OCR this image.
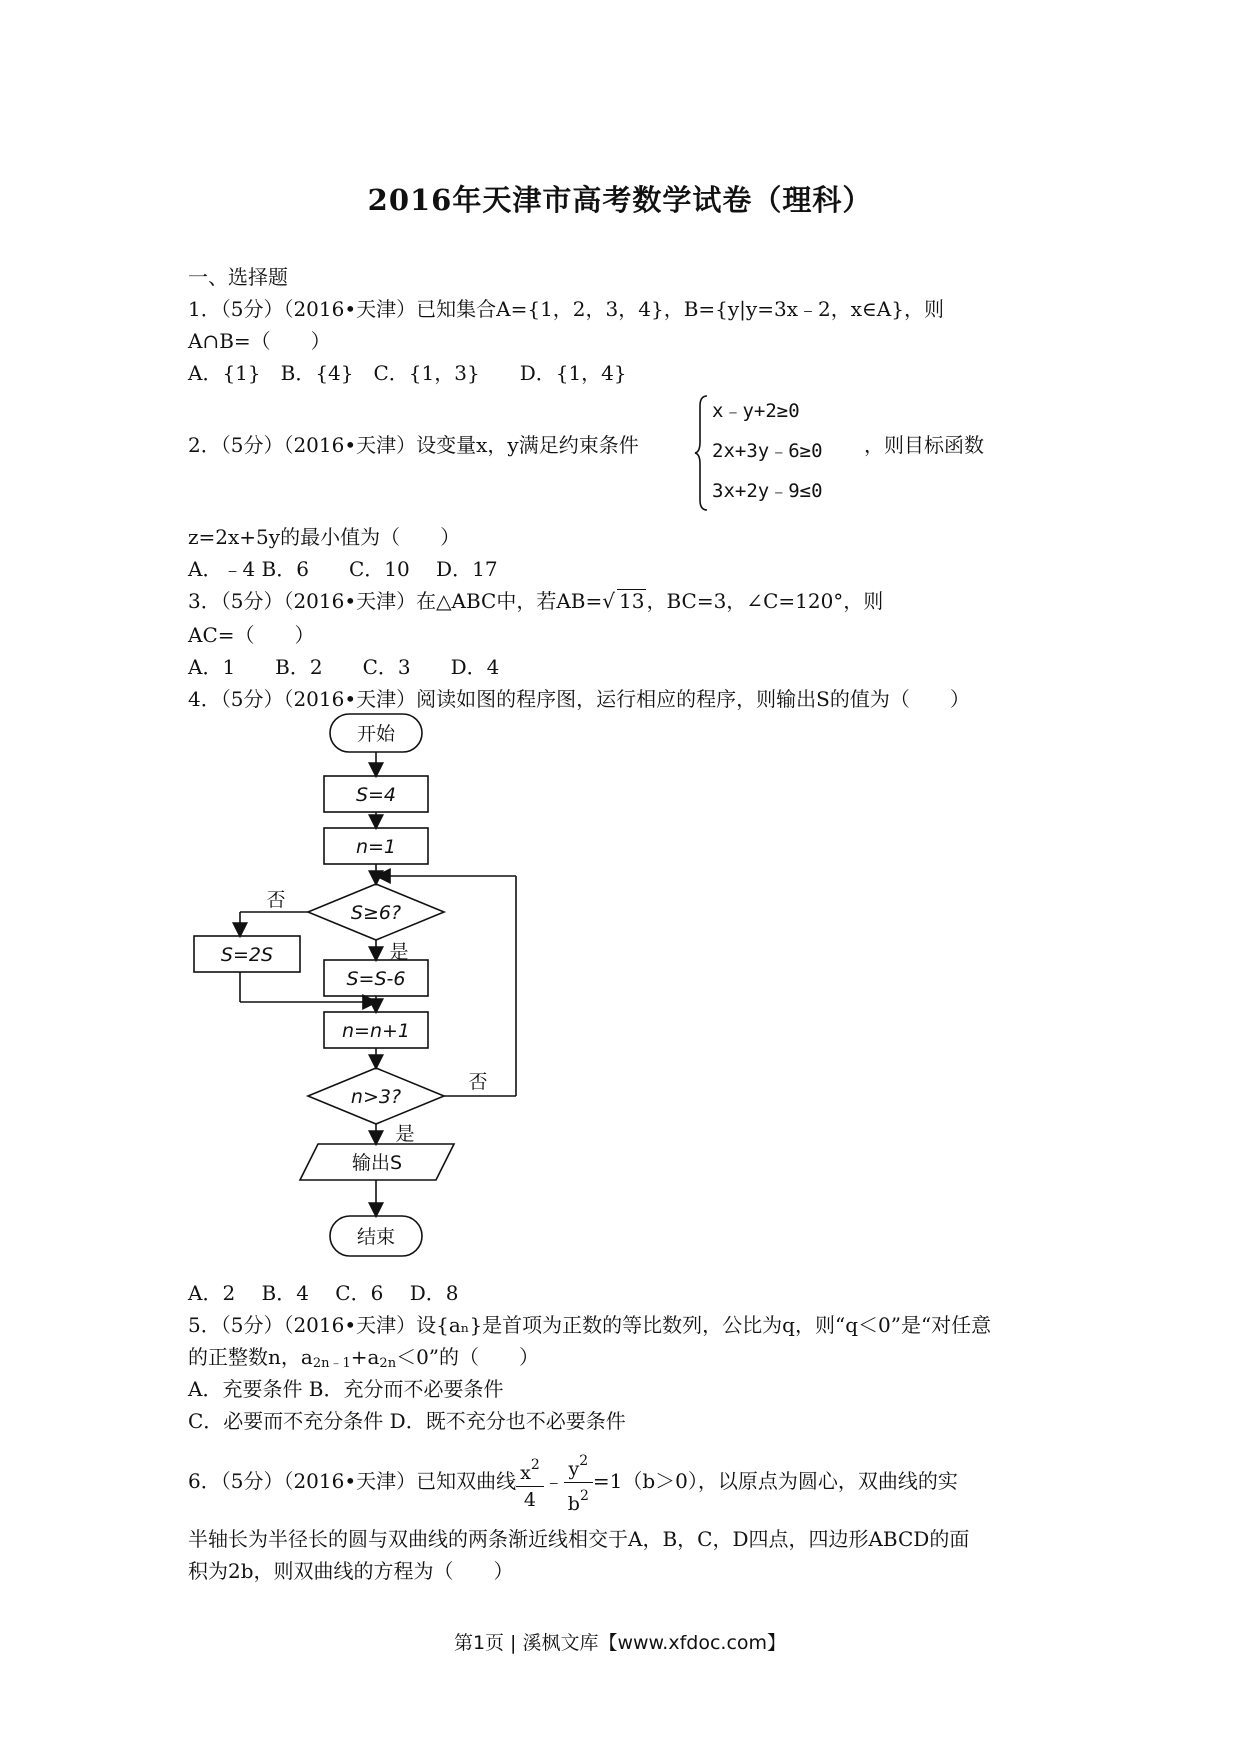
2016年天津市高考数学试卷（理科）
一、选择题
1．（5分）（2016•天津）已知集合A={1，2，3，4}，B={y|y=3x﹣2，x∈A}，则
A∩B=（　　）
A．{1}　B．{4}　C．{1，3}　　D．{1，4}
2．（5分）（2016•天津）设变量x，y满足约束条件
x﹣y+2≥0
2x+3y﹣6≥0
3x+2y﹣9≤0
，则目标函数
z=2x+5y的最小值为（　　）
A．﹣4 B．6　　C．10　 D．17
3．（5分）（2016•天津）在△ABC中，若AB=√ 13 ，BC=3，∠C=120°，则
AC=（　　）
A．1　　B．2　　C．3　　D．4
4．（5分）（2016•天津）阅读如图的程序图，运行相应的程序，则输出S的值为（　　）
开始
S=4
n=1
S≥6?
否
是
S=2S
S=S-6
n=n+1
n>3?
否
是
输出S
结束
A．2　 B．4　 C．6　 D．8
5．（5分）（2016•天津）设{aₙ}是首项为正数的等比数列，公比为q，则“q＜0”是“对任意
的正整数n，$a_{2n﹣1}+a_{2n}<0$”的（　　）
A．充要条件 B．充分而不必要条件
C．必要而不充分条件 D．既不充分也不必要条件
6．（5分）（2016•天津）已知双曲线 $\frac{x^2}{4}$ ﹣ $\frac{y^2}{b^2} =1(b>0)$，以原点为圆心，双曲线的实
半轴长为半径长的圆与双曲线的两条渐近线相交于A，B，C，D四点，四边形ABCD的面
积为2b，则双曲线的方程为（　　）
第1页 | 溪枫文库【www.xfdoc.com】
